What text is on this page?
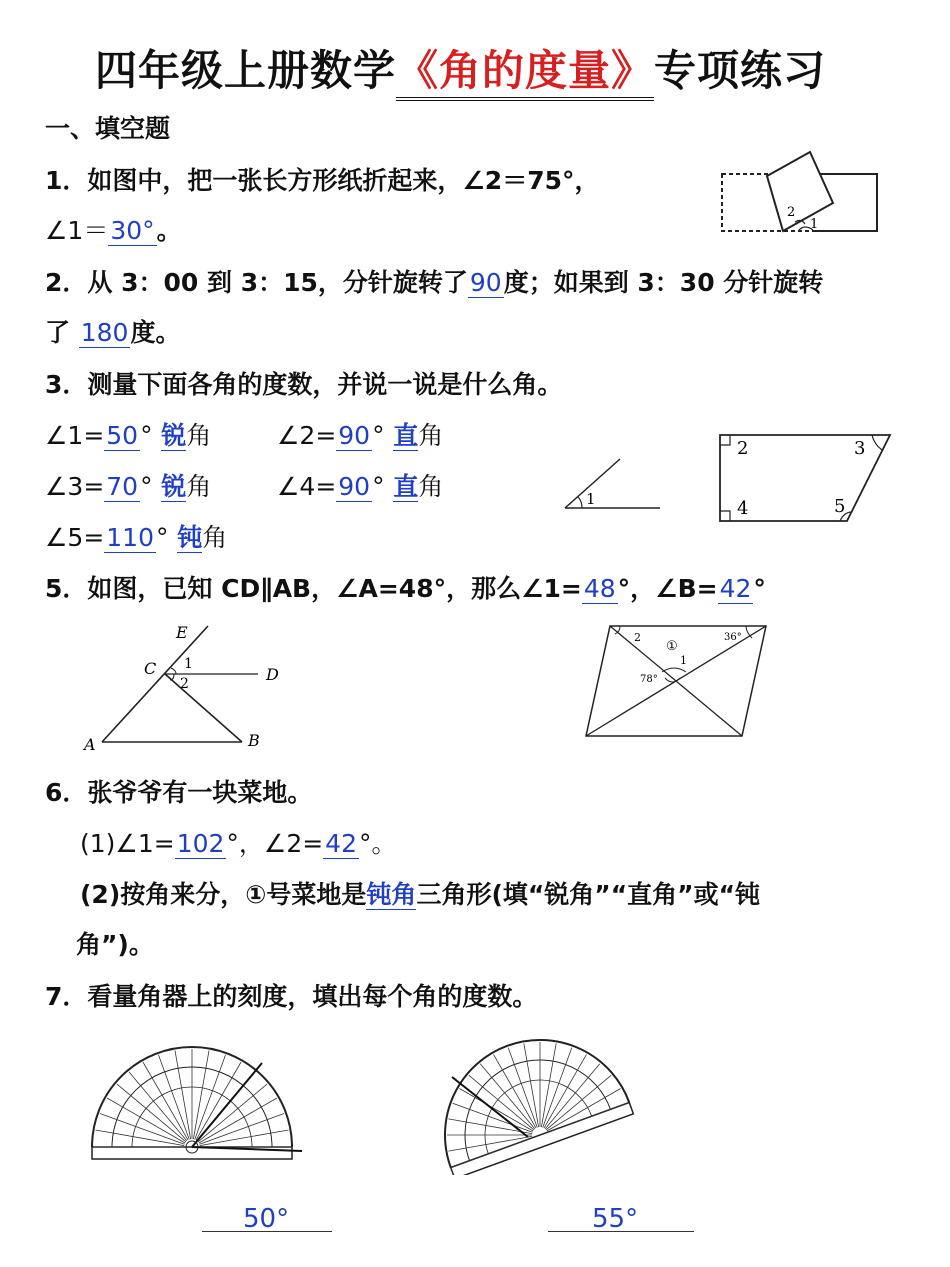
四年级上册数学《角的度量》专项练习
一、填空题
1．如图中，把一张长方形纸折起来，∠2＝75°，
∠1＝30°。
2
1
2．从 3：00 到 3：15，分针旋转了90度；如果到 3：30 分针旋转
了 180度。
3．测量下面各角的度数，并说一说是什么角。
∠1=50° 锐角	∠2=90° 直角
∠3=70° 锐角	∠4=90° 直角
∠5=110° 钝角
1
2	3
4	5
5．如图，已知 CD∥AB，∠A=48°，那么∠1=48°，∠B=42°
E
C	D
A	B
1
2
2
①
36°
1
78°
6．张爷爷有一块菜地。
(1)∠1=102°，∠2=42°。
(2)按角来分，①号菜地是钝角三角形(填“锐角”“直角”或“钝
角”)。
7．看量角器上的刻度，填出每个角的度数。
50°	55°
